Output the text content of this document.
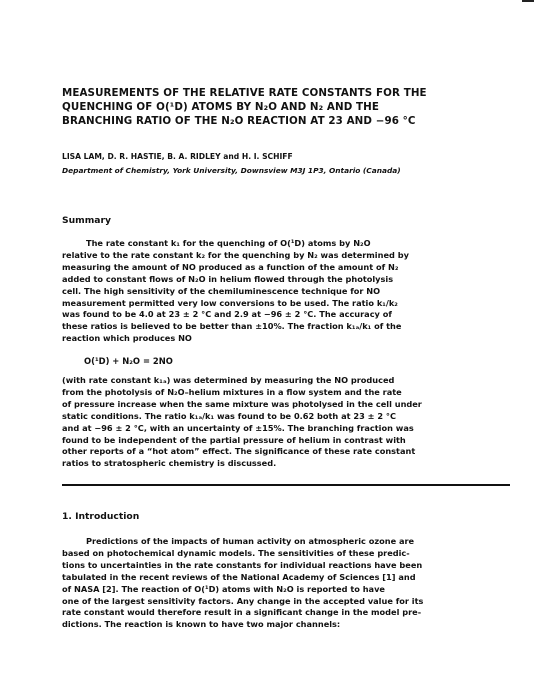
MEASUREMENTS OF THE RELATIVE RATE CONSTANTS FOR THE
QUENCHING OF O(¹D) ATOMS BY N₂O AND N₂ AND THE
BRANCHING RATIO OF THE N₂O REACTION AT 23 AND −96 °C
LISA LAM, D. R. HASTIE, B. A. RIDLEY and H. I. SCHIFF
Department of Chemistry, York University, Downsview M3J 1P3, Ontario (Canada)
Summary
The rate constant k₁ for the quenching of O(¹D) atoms by N₂O
relative to the rate constant k₂ for the quenching by N₂ was determined by
measuring the amount of NO produced as a function of the amount of N₂
added to constant flows of N₂O in helium flowed through the photolysis
cell. The high sensitivity of the chemiluminescence technique for NO
measurement permitted very low conversions to be used. The ratio k₁/k₂
was found to be 4.0 at 23 ± 2 °C and 2.9 at −96 ± 2 °C. The accuracy of
these ratios is believed to be better than ±10%. The fraction k₁ₐ/k₁ of the
reaction which produces NO
O(¹D) + N₂O = 2NO
(with rate constant k₁ₐ) was determined by measuring the NO produced
from the photolysis of N₂O–helium mixtures in a flow system and the rate
of pressure increase when the same mixture was photolysed in the cell under
static conditions. The ratio k₁ₐ/k₁ was found to be 0.62 both at 23 ± 2 °C
and at −96 ± 2 °C, with an uncertainty of ±15%. The branching fraction was
found to be independent of the partial pressure of helium in contrast with
other reports of a “hot atom” effect. The significance of these rate constant
ratios to stratospheric chemistry is discussed.
1. Introduction
Predictions of the impacts of human activity on atmospheric ozone are
based on photochemical dynamic models. The sensitivities of these predic-
tions to uncertainties in the rate constants for individual reactions have been
tabulated in the recent reviews of the National Academy of Sciences [1] and
of NASA [2]. The reaction of O(¹D) atoms with N₂O is reported to have
one of the largest sensitivity factors. Any change in the accepted value for its
rate constant would therefore result in a significant change in the model pre-
dictions. The reaction is known to have two major channels:
